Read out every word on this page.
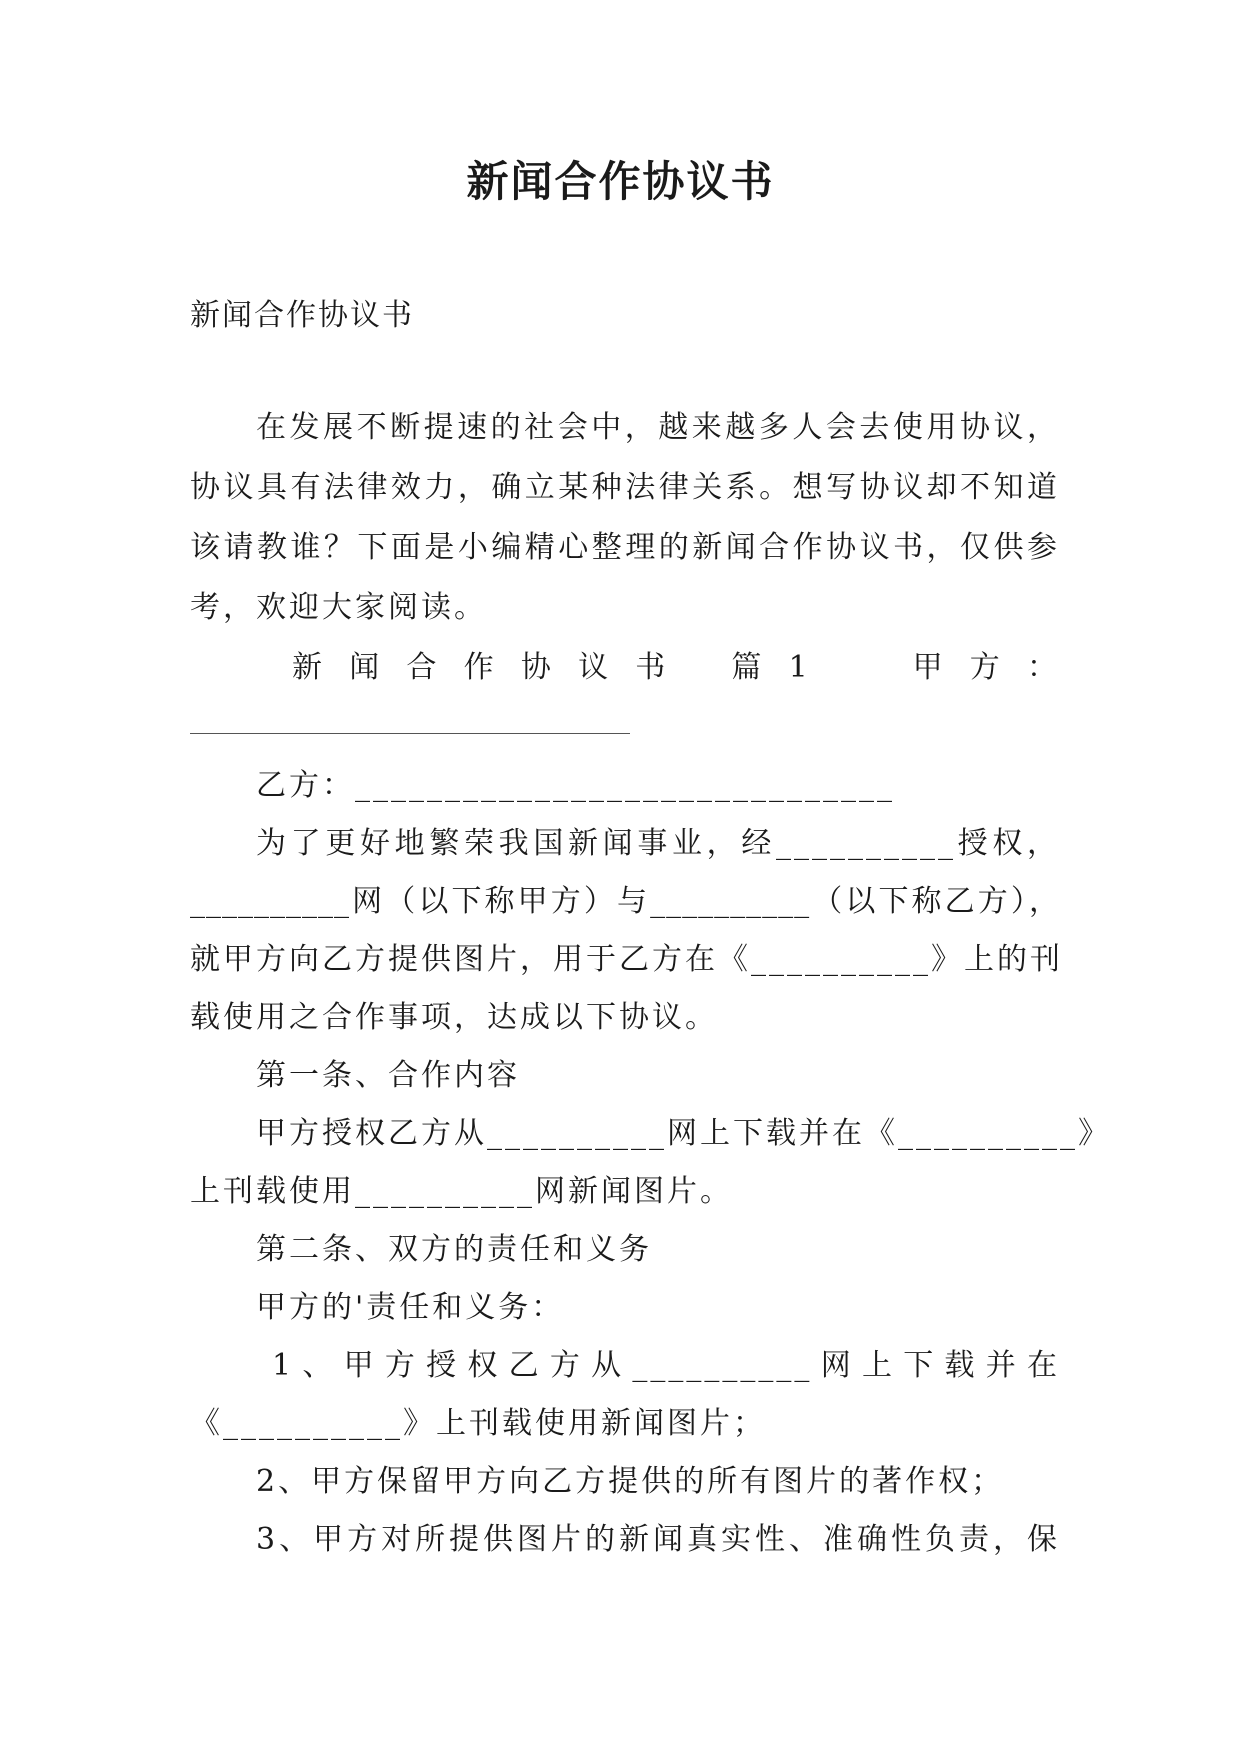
新闻合作协议书
新闻合作协议书
在发展不断提速的社会中，越来越多人会去使用协议，
协议具有法律效力，确立某种法律关系。想写协议却不知道
该请教谁？下面是小编精心整理的新闻合作协议书，仅供参
考，欢迎大家阅读。
新 闻 合 作 协 议 书　 篇 1　　 甲 方 ：
乙方：______________________________
为了更好地繁荣我国新闻事业，经__________授权，
__________网（以下称甲方）与__________（以下称乙方），
就甲方向乙方提供图片，用于乙方在《__________》上的刊
载使用之合作事项，达成以下协议。
第一条、合作内容
甲方授权乙方从__________网上下载并在《__________》
上刊载使用__________网新闻图片。
第二条、双方的责任和义务
甲方的'责任和义务：
1、甲方授权乙方从__________网上下载并在
《__________》上刊载使用新闻图片；
2、甲方保留甲方向乙方提供的所有图片的著作权；
3、甲方对所提供图片的新闻真实性、准确性负责，保
